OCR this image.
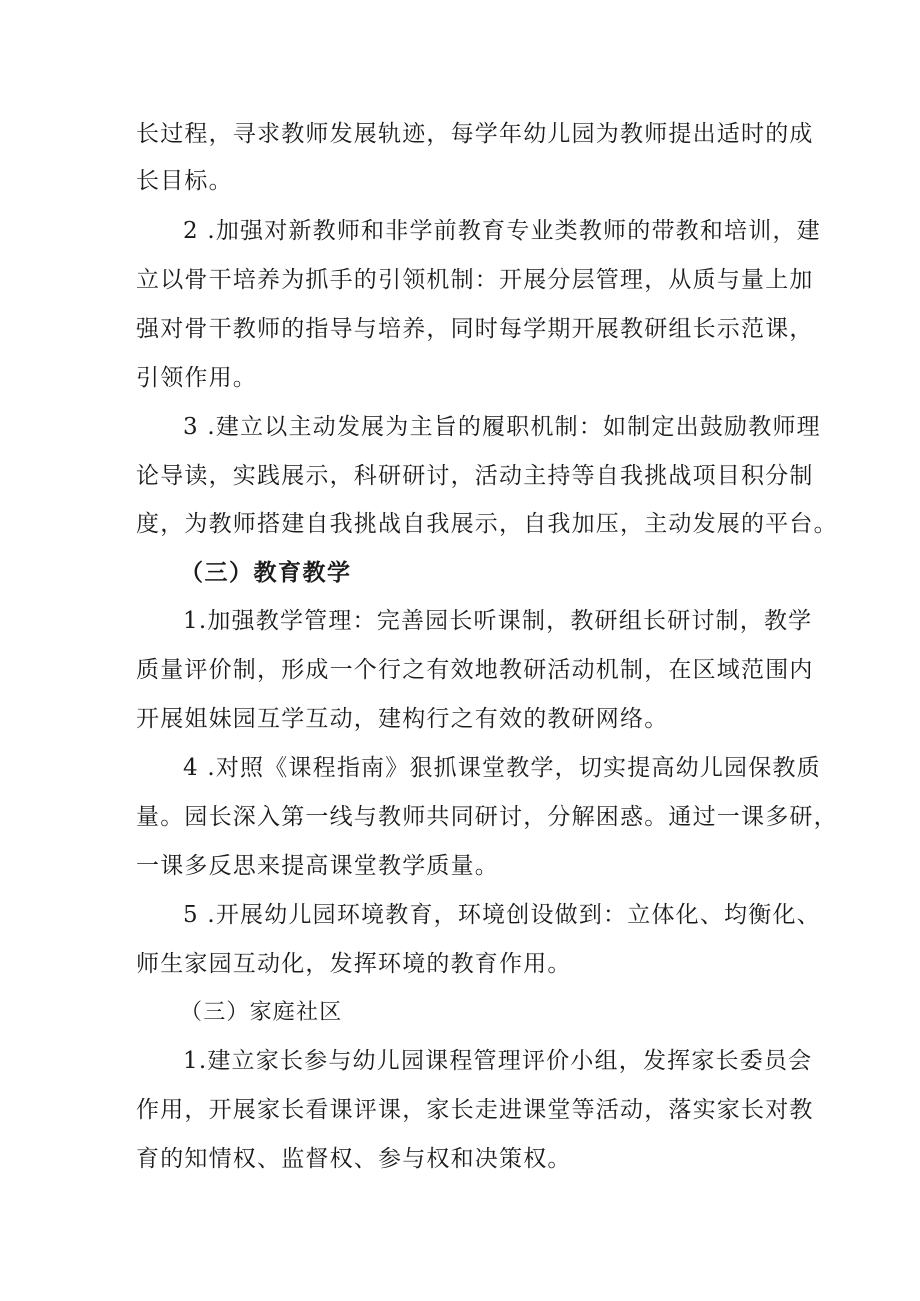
长过程，寻求教师发展轨迹，每学年幼儿园为教师提出适时的成
长目标。
2 .加强对新教师和非学前教育专业类教师的带教和培训，建
立以骨干培养为抓手的引领机制：开展分层管理，从质与量上加
强对骨干教师的指导与培养，同时每学期开展教研组长示范课，
引领作用。
3 .建立以主动发展为主旨的履职机制：如制定出鼓励教师理
论导读，实践展示，科研研讨，活动主持等自我挑战项目积分制
度，为教师搭建自我挑战自我展示，自我加压，主动发展的平台。
（三）教育教学
1.加强教学管理：完善园长听课制，教研组长研讨制，教学
质量评价制，形成一个行之有效地教研活动机制，在区域范围内
开展姐妹园互学互动，建构行之有效的教研网络。
4 .对照《课程指南》狠抓课堂教学，切实提高幼儿园保教质
量。园长深入第一线与教师共同研讨，分解困惑。通过一课多研，
一课多反思来提高课堂教学质量。
5 .开展幼儿园环境教育，环境创设做到：立体化、均衡化、
师生家园互动化，发挥环境的教育作用。
（三）家庭社区
1.建立家长参与幼儿园课程管理评价小组，发挥家长委员会
作用，开展家长看课评课，家长走进课堂等活动，落实家长对教
育的知情权、监督权、参与权和决策权。
